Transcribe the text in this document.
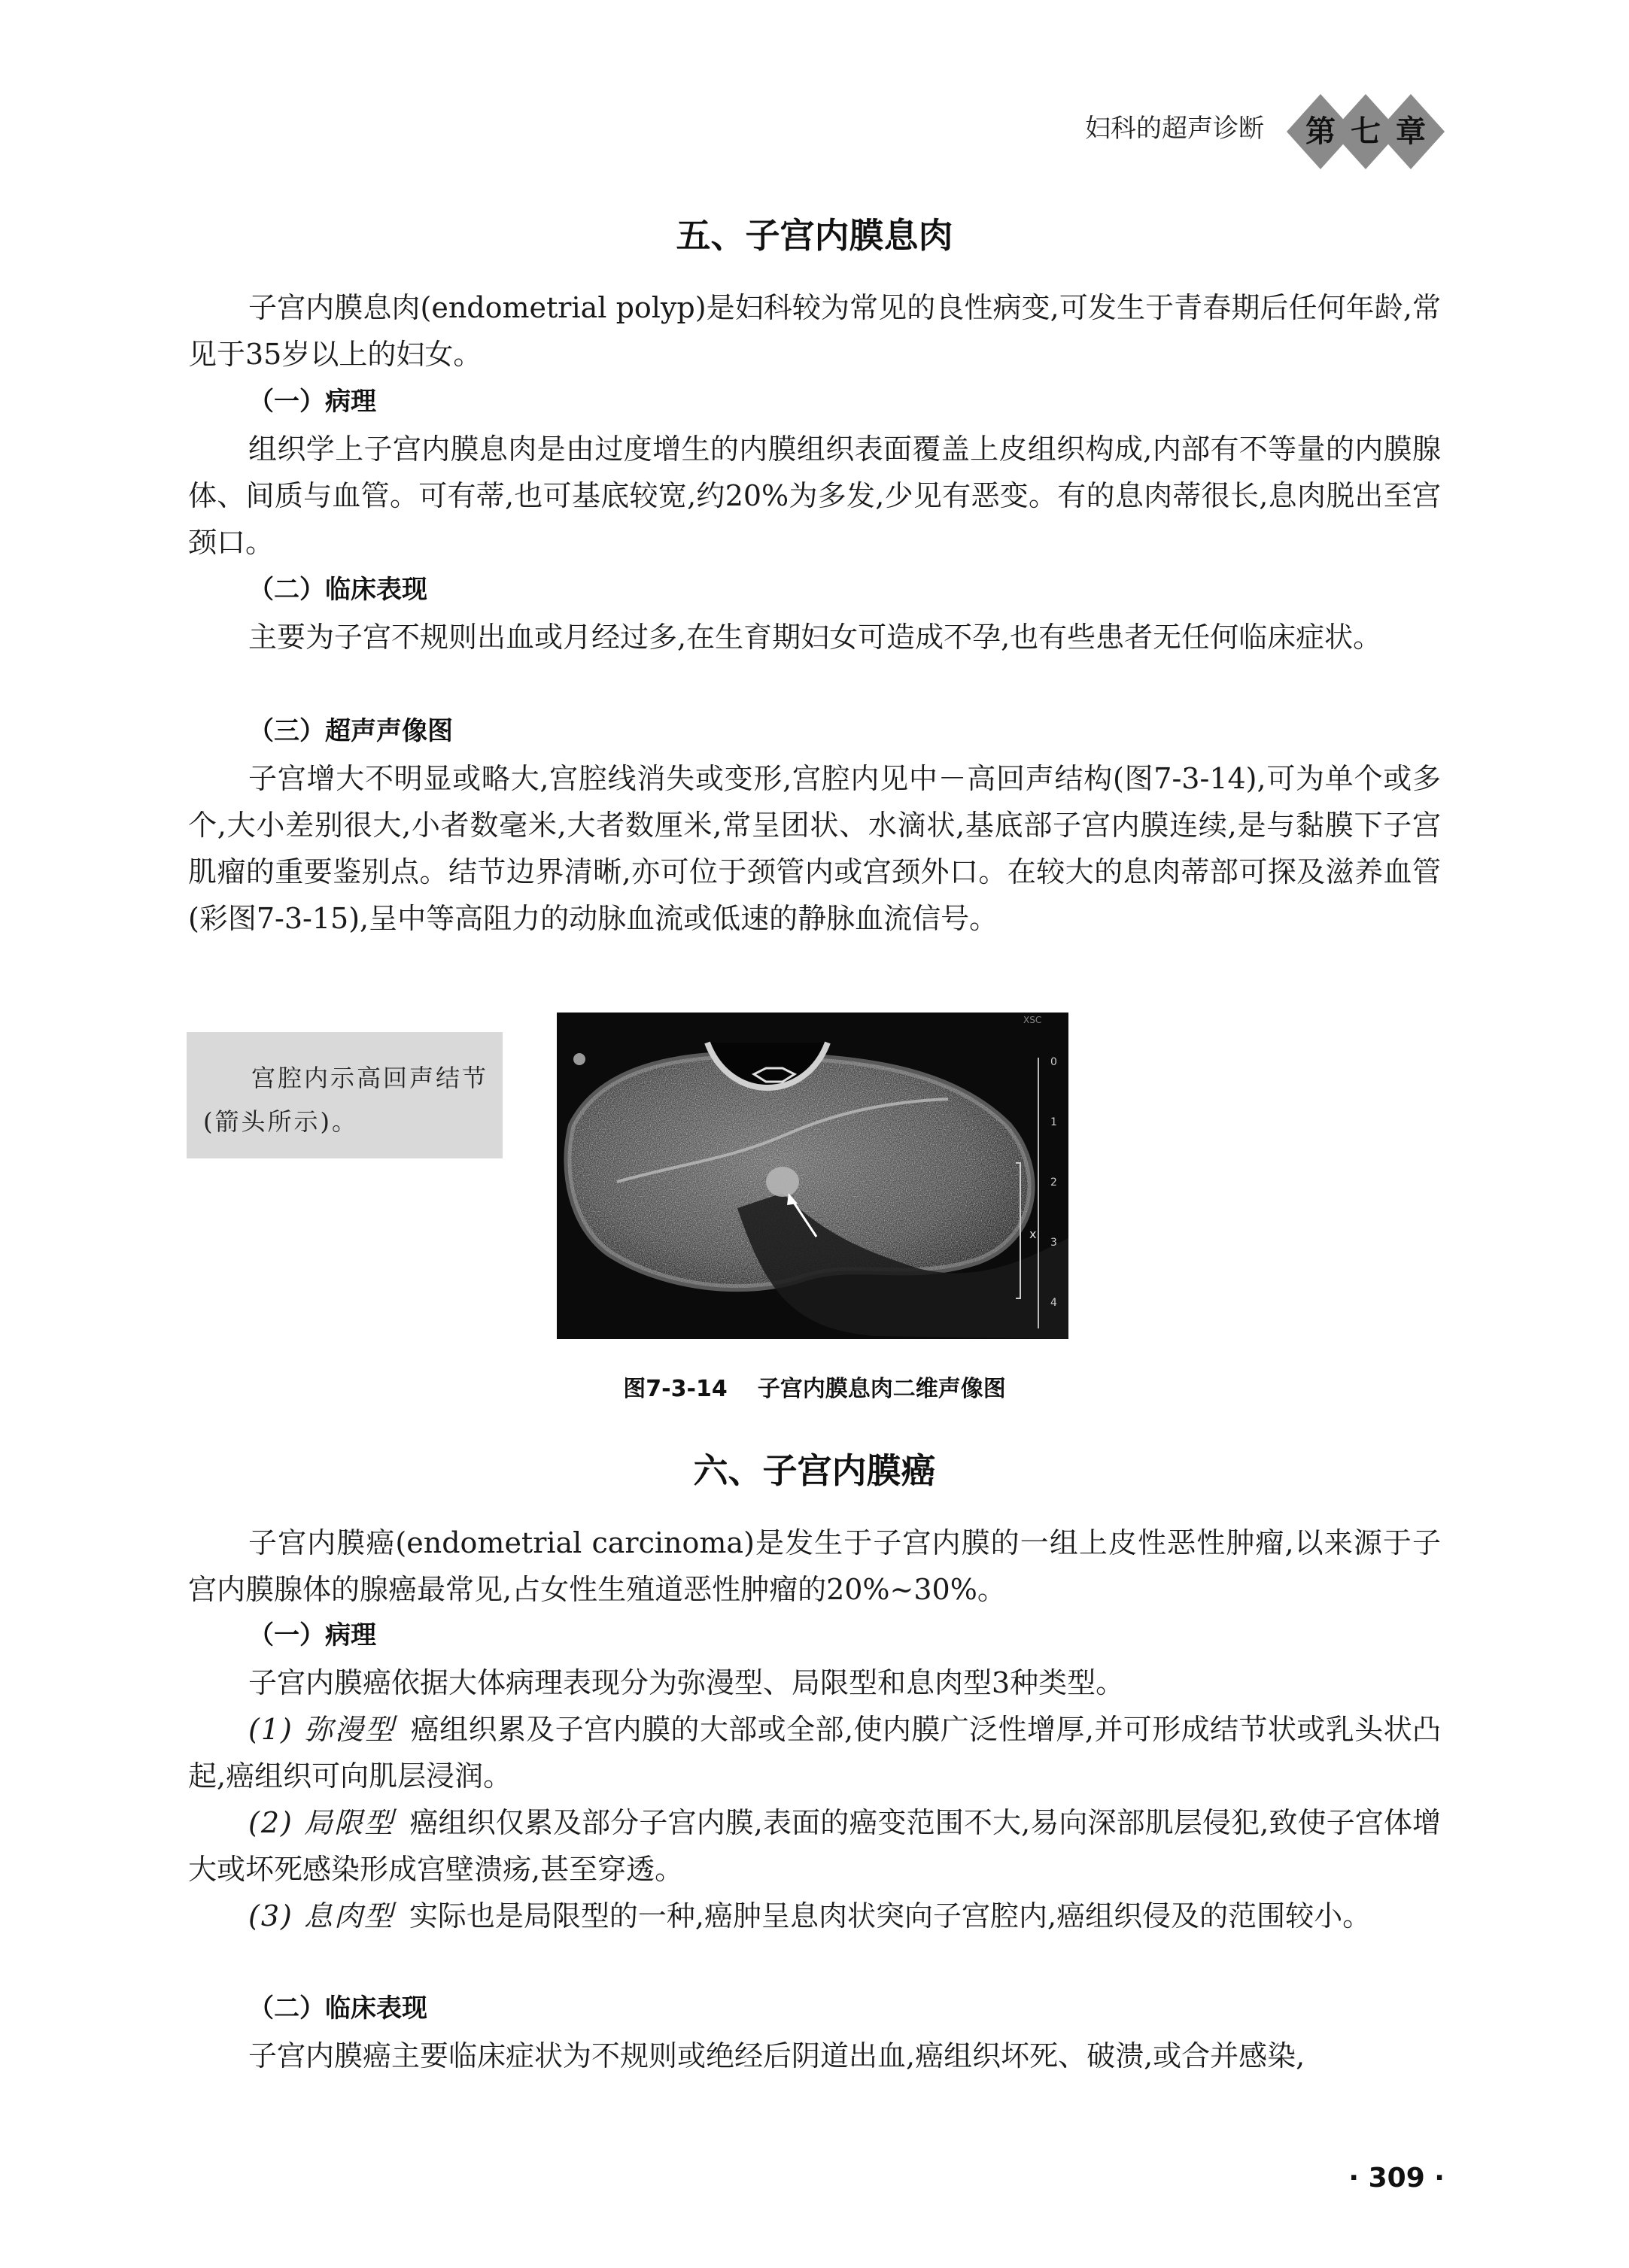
妇科的超声诊断 第 七 章
五、子宫内膜息肉
子宫内膜息肉(endometrial polyp)是妇科较为常见的良性病变,可发生于青春期后任何年龄,常见于35岁以上的妇女。
（一）病理
组织学上子宫内膜息肉是由过度增生的内膜组织表面覆盖上皮组织构成,内部有不等量的内膜腺体、间质与血管。可有蒂,也可基底较宽,约20%为多发,少见有恶变。有的息肉蒂很长,息肉脱出至宫颈口。
（二）临床表现
主要为子宫不规则出血或月经过多,在生育期妇女可造成不孕,也有些患者无任何临床症状。
（三）超声声像图
子宫增大不明显或略大,宫腔线消失或变形,宫腔内见中－高回声结构(图7-3-14),可为单个或多个,大小差别很大,小者数毫米,大者数厘米,常呈团状、水滴状,基底部子宫内膜连续,是与黏膜下子宫肌瘤的重要鉴别点。结节边界清晰,亦可位于颈管内或宫颈外口。在较大的息肉蒂部可探及滋养血管(彩图7-3-15),呈中等高阻力的动脉血流或低速的静脉血流信号。
宫腔内示高回声结节(箭头所示)。
0
1
2
3
4
x
XSC
图7-3-14 子宫内膜息肉二维声像图
六、子宫内膜癌
子宫内膜癌(endometrial carcinoma)是发生于子宫内膜的一组上皮性恶性肿瘤,以来源于子宫内膜腺体的腺癌最常见,占女性生殖道恶性肿瘤的20%~30%。
（一）病理
子宫内膜癌依据大体病理表现分为弥漫型、局限型和息肉型3种类型。
(1) 弥漫型 癌组织累及子宫内膜的大部或全部,使内膜广泛性增厚,并可形成结节状或乳头状凸起,癌组织可向肌层浸润。
(2) 局限型 癌组织仅累及部分子宫内膜,表面的癌变范围不大,易向深部肌层侵犯,致使子宫体增大或坏死感染形成宫壁溃疡,甚至穿透。
(3) 息肉型 实际也是局限型的一种,癌肿呈息肉状突向子宫腔内,癌组织侵及的范围较小。
（二）临床表现
子宫内膜癌主要临床症状为不规则或绝经后阴道出血,癌组织坏死、破溃,或合并感染,
· 309 ·
